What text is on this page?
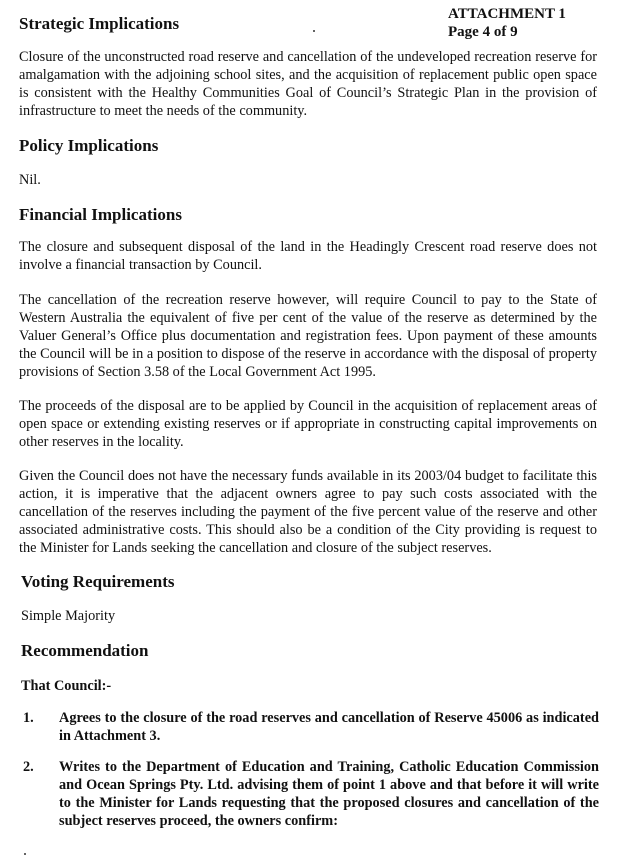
ATTACHMENT 1
Page 4 of 9
Strategic Implications

Closure of the unconstructed road reserve and cancellation of the undeveloped recreation reserve for amalgamation with the adjoining school sites, and the acquisition of replacement public open space is consistent with the Healthy Communities Goal of Council’s Strategic Plan in the provision of infrastructure to meet the needs of the community.

Policy Implications

Nil.

Financial Implications

The closure and subsequent disposal of the land in the Headingly Crescent road reserve does not involve a financial transaction by Council.

The cancellation of the recreation reserve however, will require Council to pay to the State of Western Australia the equivalent of five per cent of the value of the reserve as determined by the Valuer General’s Office plus documentation and registration fees. Upon payment of these amounts the Council will be in a position to dispose of the reserve in accordance with the disposal of property provisions of Section 3.58 of the Local Government Act 1995.

The proceeds of the disposal are to be applied by Council in the acquisition of replacement areas of open space or extending existing reserves or if appropriate in constructing capital improvements on other reserves in the locality.

Given the Council does not have the necessary funds available in its 2003/04 budget to facilitate this action, it is imperative that the adjacent owners agree to pay such costs associated with the cancellation of the reserves including the payment of the five percent value of the reserve and other associated administrative costs. This should also be a condition of the City providing is request to the Minister for Lands seeking the cancellation and closure of the subject reserves.

Voting Requirements

Simple Majority

Recommendation

That Council:-

1. Agrees to the closure of the road reserves and cancellation of Reserve 45006 as indicated in Attachment 3.

2. Writes to the Department of Education and Training, Catholic Education Commission and Ocean Springs Pty. Ltd. advising them of point 1 above and that before it will write to the Minister for Lands requesting that the proposed closures and cancellation of the subject reserves proceed, the owners confirm:
